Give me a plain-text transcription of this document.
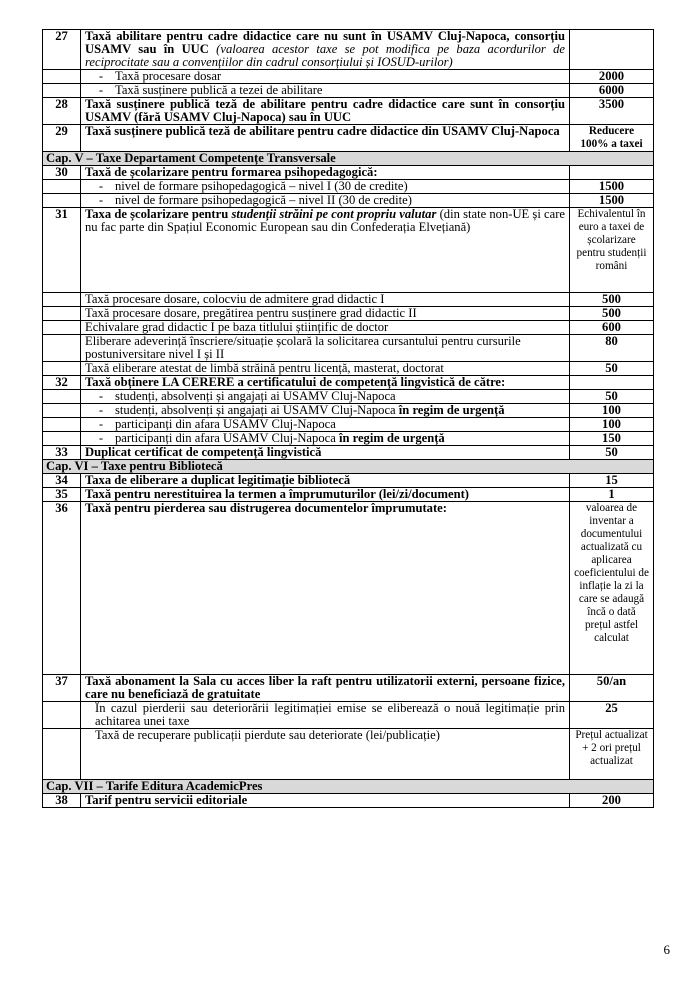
27	Taxă abilitare pentru cadre didactice care nu sunt în USAMV Cluj-Napoca, consorțiu USAMV sau în UUC (valoarea acestor taxe se pot modifica pe baza acordurilor de reciprocitate sau a convențiilor din cadrul consorțiului și IOSUD-urilor)	
	- Taxă procesare dosar	2000
	- Taxă susținere publică a tezei de abilitare	6000
28	Taxă susținere publică teză de abilitare pentru cadre didactice care sunt în consorțiu USAMV (fără USAMV Cluj-Napoca) sau în UUC	3500
29	Taxă susținere publică teză de abilitare pentru cadre didactice din USAMV Cluj-Napoca	Reducere 100% a taxei
Cap. V – Taxe Departament Competențe Transversale		
30	Taxă de școlarizare pentru formarea psihopedagogică:	
	- nivel de formare psihopedagogică – nivel I (30 de credite)	1500
	- nivel de formare psihopedagogică – nivel II (30 de credite)	1500
31	Taxa de școlarizare pentru studenții străini pe cont propriu valutar (din state non-UE și care nu fac parte din Spațiul Economic European sau din Confederația Elvețiană)	Echivalentul în euro a taxei de școlarizare pentru studenții români
	Taxă procesare dosare, colocviu de admitere grad didactic I	500
	Taxă procesare dosare, pregătirea pentru susținere grad didactic II	500
	Echivalare grad didactic I pe baza titlului științific de doctor	600
	Eliberare adeverință înscriere/situație școlară la solicitarea cursantului pentru cursurile postuniversitare nivel I și II	80
	Taxă eliberare atestat de limbă străină pentru licență, masterat, doctorat	50
32	Taxă obținere LA CERERE a certificatului de competență lingvistică de către:	
	- studenți, absolvenți și angajați ai USAMV Cluj-Napoca	50
	- studenți, absolvenți și angajați ai USAMV Cluj-Napoca în regim de urgență	100
	- participanți din afara USAMV Cluj-Napoca	100
	- participanți din afara USAMV Cluj-Napoca în regim de urgență	150
33	Duplicat certificat de competență lingvistică	50
Cap. VI – Taxe pentru Bibliotecă		
34	Taxa de eliberare a duplicat legitimație bibliotecă	15
35	Taxă pentru nerestituirea la termen a împrumuturilor (lei/zi/document)	1
36	Taxă pentru pierderea sau distrugerea documentelor împrumutate:	valoarea de inventar a documentului actualizată cu aplicarea coeficientului de inflație la zi la care se adaugă încă o dată prețul astfel calculat
37	Taxă abonament la Sala cu acces liber la raft pentru utilizatorii externi, persoane fizice, care nu beneficiază de gratuitate	50/an
	În cazul pierderii sau deteriorării legitimației emise se eliberează o nouă legitimație prin achitarea unei taxe	25
	Taxă de recuperare publicații pierdute sau deteriorate (lei/publicație)	Prețul actualizat + 2 ori prețul actualizat
Cap. VII – Tarife Editura AcademicPres		
38	Tarif pentru servicii editoriale	200
6
